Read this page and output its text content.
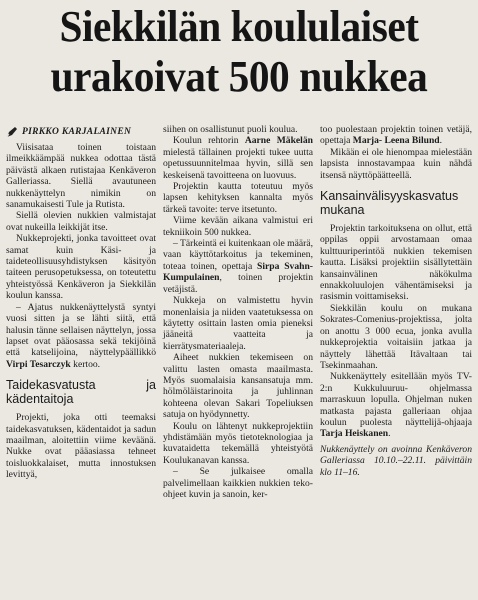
Siekkilän koululaiset
urakoivat 500 nukkea
PIRKKO KARJALAINEN

Viisisataa toinen toistaan ilmeikkäämpää nukkea odottaa tästä päivästä alkaen rutistajaa Kenkäveron Galleriassa. Siellä avautuneen nukkenäyttelyn nimikin on sanamukaisesti Tule ja Rutista.

Siellä olevien nukkien valmistajat ovat nukeilla leikkijät itse.

Nukkeprojekti, jonka tavoitteet ovat samat kuin Käsi- ja taideteollisuusyhdistyksen käsityön taiteen perusopetuksessa, on toteutettu yhteistyössä Kenkäveron ja Siekkilän koulun kanssa.

– Ajatus nukkenäyttelystä syntyi vuosi sitten ja se lähti siitä, että halusin tänne sellaisen näyttelyn, jossa lapset ovat pääosassa sekä tekijöinä että katselijoina, näyttelypäällikkö Virpi Tesarczyk kertoo.

Taidekasvatusta ja kädentaitoja

Projekti, joka otti teemaksi taidekasvatuksen, kädentaidot ja sadun maailman, aloitettiin viime keväänä. Nukke ovat pääasiassa tehneet toisluokkalaiset, mutta innostuksen levittyä,

siihen on osallistunut puoli koulua.

Koulun rehtorin Aarne Mäkelän mielestä tällainen projekti tukee uutta opetussuunnitelmaa hyvin, sillä sen keskeisenä tavoitteena on luovuus.

Projektin kautta toteutuu myös lapsen kehityksen kannalta myös tärkeä tavoite: terve itsetunto.

Viime kevään aikana valmistui eri tekniikoin 500 nukkea.

– Tärkeintä ei kuitenkaan ole määrä, vaan käyttötarkoitus ja tekeminen, toteaa toinen, opettaja Sirpa Svahn- Kumpulainen, toinen projektin vetäjistä.

Nukkeja on valmistettu hyvin monenlaisia ja niiden vaatetuksessa on käytetty osittain lasten omia pieneksi jääneitä vaatteita ja kierrätysmateriaaleja.

Aiheet nukkien tekemiseen on valittu lasten omasta maailmasta. Myös suomalaisia kansansatuja mm. hölmöläistarinoita ja juhlinnan kohteena olevan Sakari Topeliuksen satuja on hyödynnetty.

Koulu on lähtenyt nukkeprojektiin yhdistämään myös tietoteknologiaa ja kuvataidetta tekemällä yhteistyötä Koulukanavan kanssa.

– Se julkaisee omalla palvelimellaan kaikkien nukkien teko-ohjeet kuvin ja sanoin, ker-

too puolestaan projektin toinen vetäjä, opettaja Marja- Leena Bilund.

Mikään ei ole hienompaa mielestään lapsista innostavampaa kuin nähdä itsensä näyttöpäätteellä.

Kansainvälisyyskasvatus mukana

Projektin tarkoituksena on ollut, että oppilas oppii arvostamaan omaa kulttuuriperintöä nukkien tekemisen kautta. Lisäksi projektiin sisällytettäin kansainvälinen näkökulma ennakkoluulojen vähentämiseksi ja rasismin voittamiseksi.

Siekkilän koulu on mukana Sokrates-Comenius-projektissa, jolta on anottu 3 000 ecua, jonka avulla nukkeprojektia voitaisiin jatkaa ja näyttely lähettää Itävaltaan tai Tsekinmaahan.

Nukkenäyttely esitellään myös TV-2:n Kukkuluuruu- ohjelmassa marraskuun lopulla. Ohjelman nuken matkasta pajasta galleriaan ohjaa koulun puolesta näyttelijä-ohjaaja Tarja Heiskanen.

Nukkenäyttely on avoinna Kenkäveron Galleriassa 10.10.–22.11. päivittäin klo 11–16.
